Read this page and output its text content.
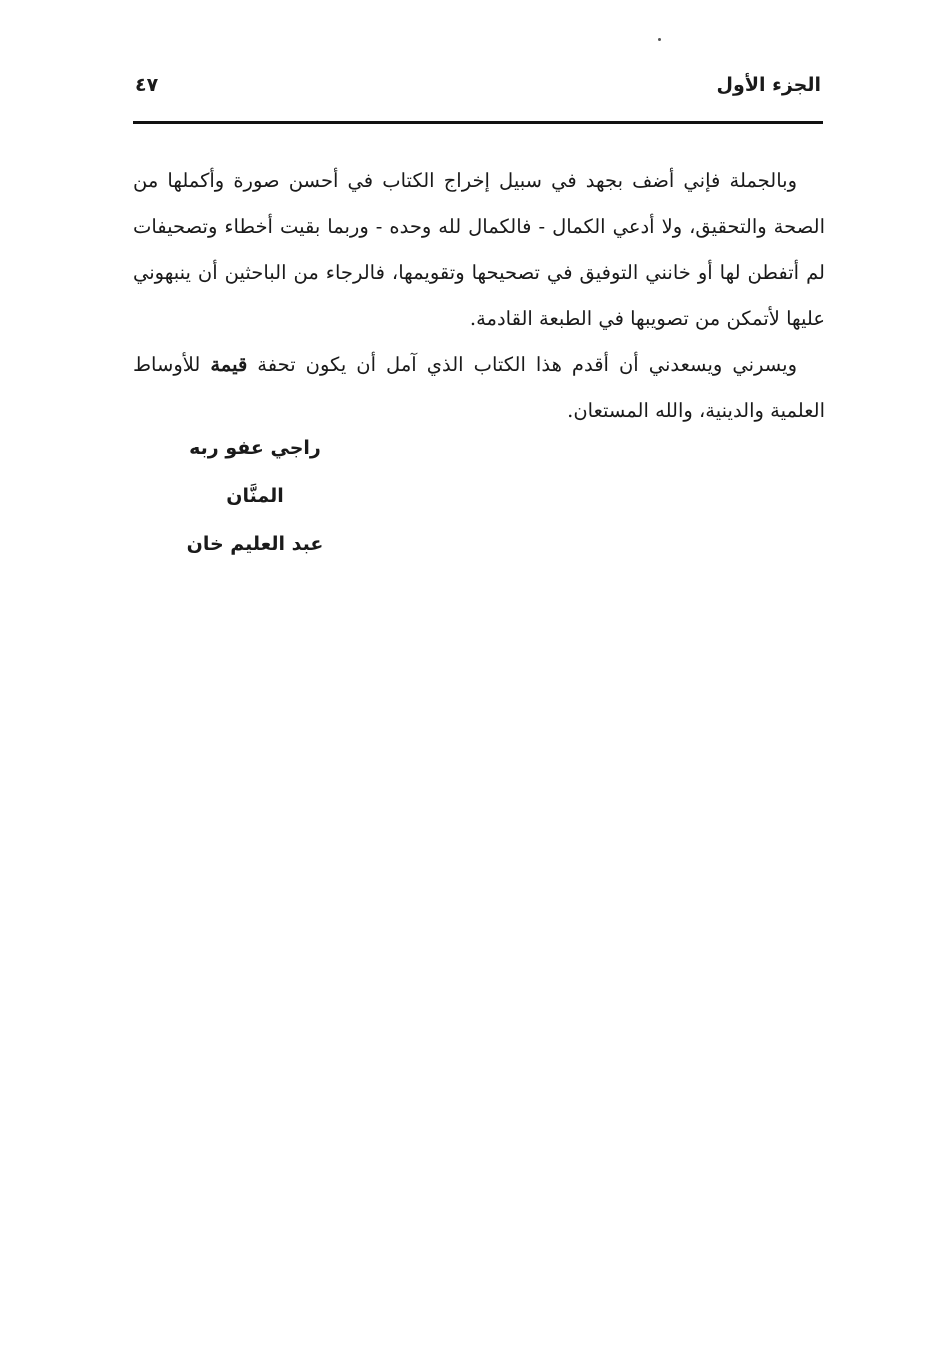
الجزء الأول
٤٧

وبالجملة فإني أضف بجهد في سبيل إخراج الكتاب في أحسن صورة وأكملها من الصحة والتحقيق، ولا أدعي الكمال - فالكمال لله وحده - وربما بقيت أخطاء وتصحيفات لم أتفطن لها أو خانني التوفيق في تصحيحها وتقويمها، فالرجاء من الباحثين أن ينبهوني عليها لأتمكن من تصويبها في الطبعة القادمة.

ويسرني ويسعدني أن أقدم هذا الكتاب الذي آمل أن يكون تحفة قيمة للأوساط العلمية والدينية، والله المستعان.

راجي عفو ربه المنَّان

عبد العليم خان
